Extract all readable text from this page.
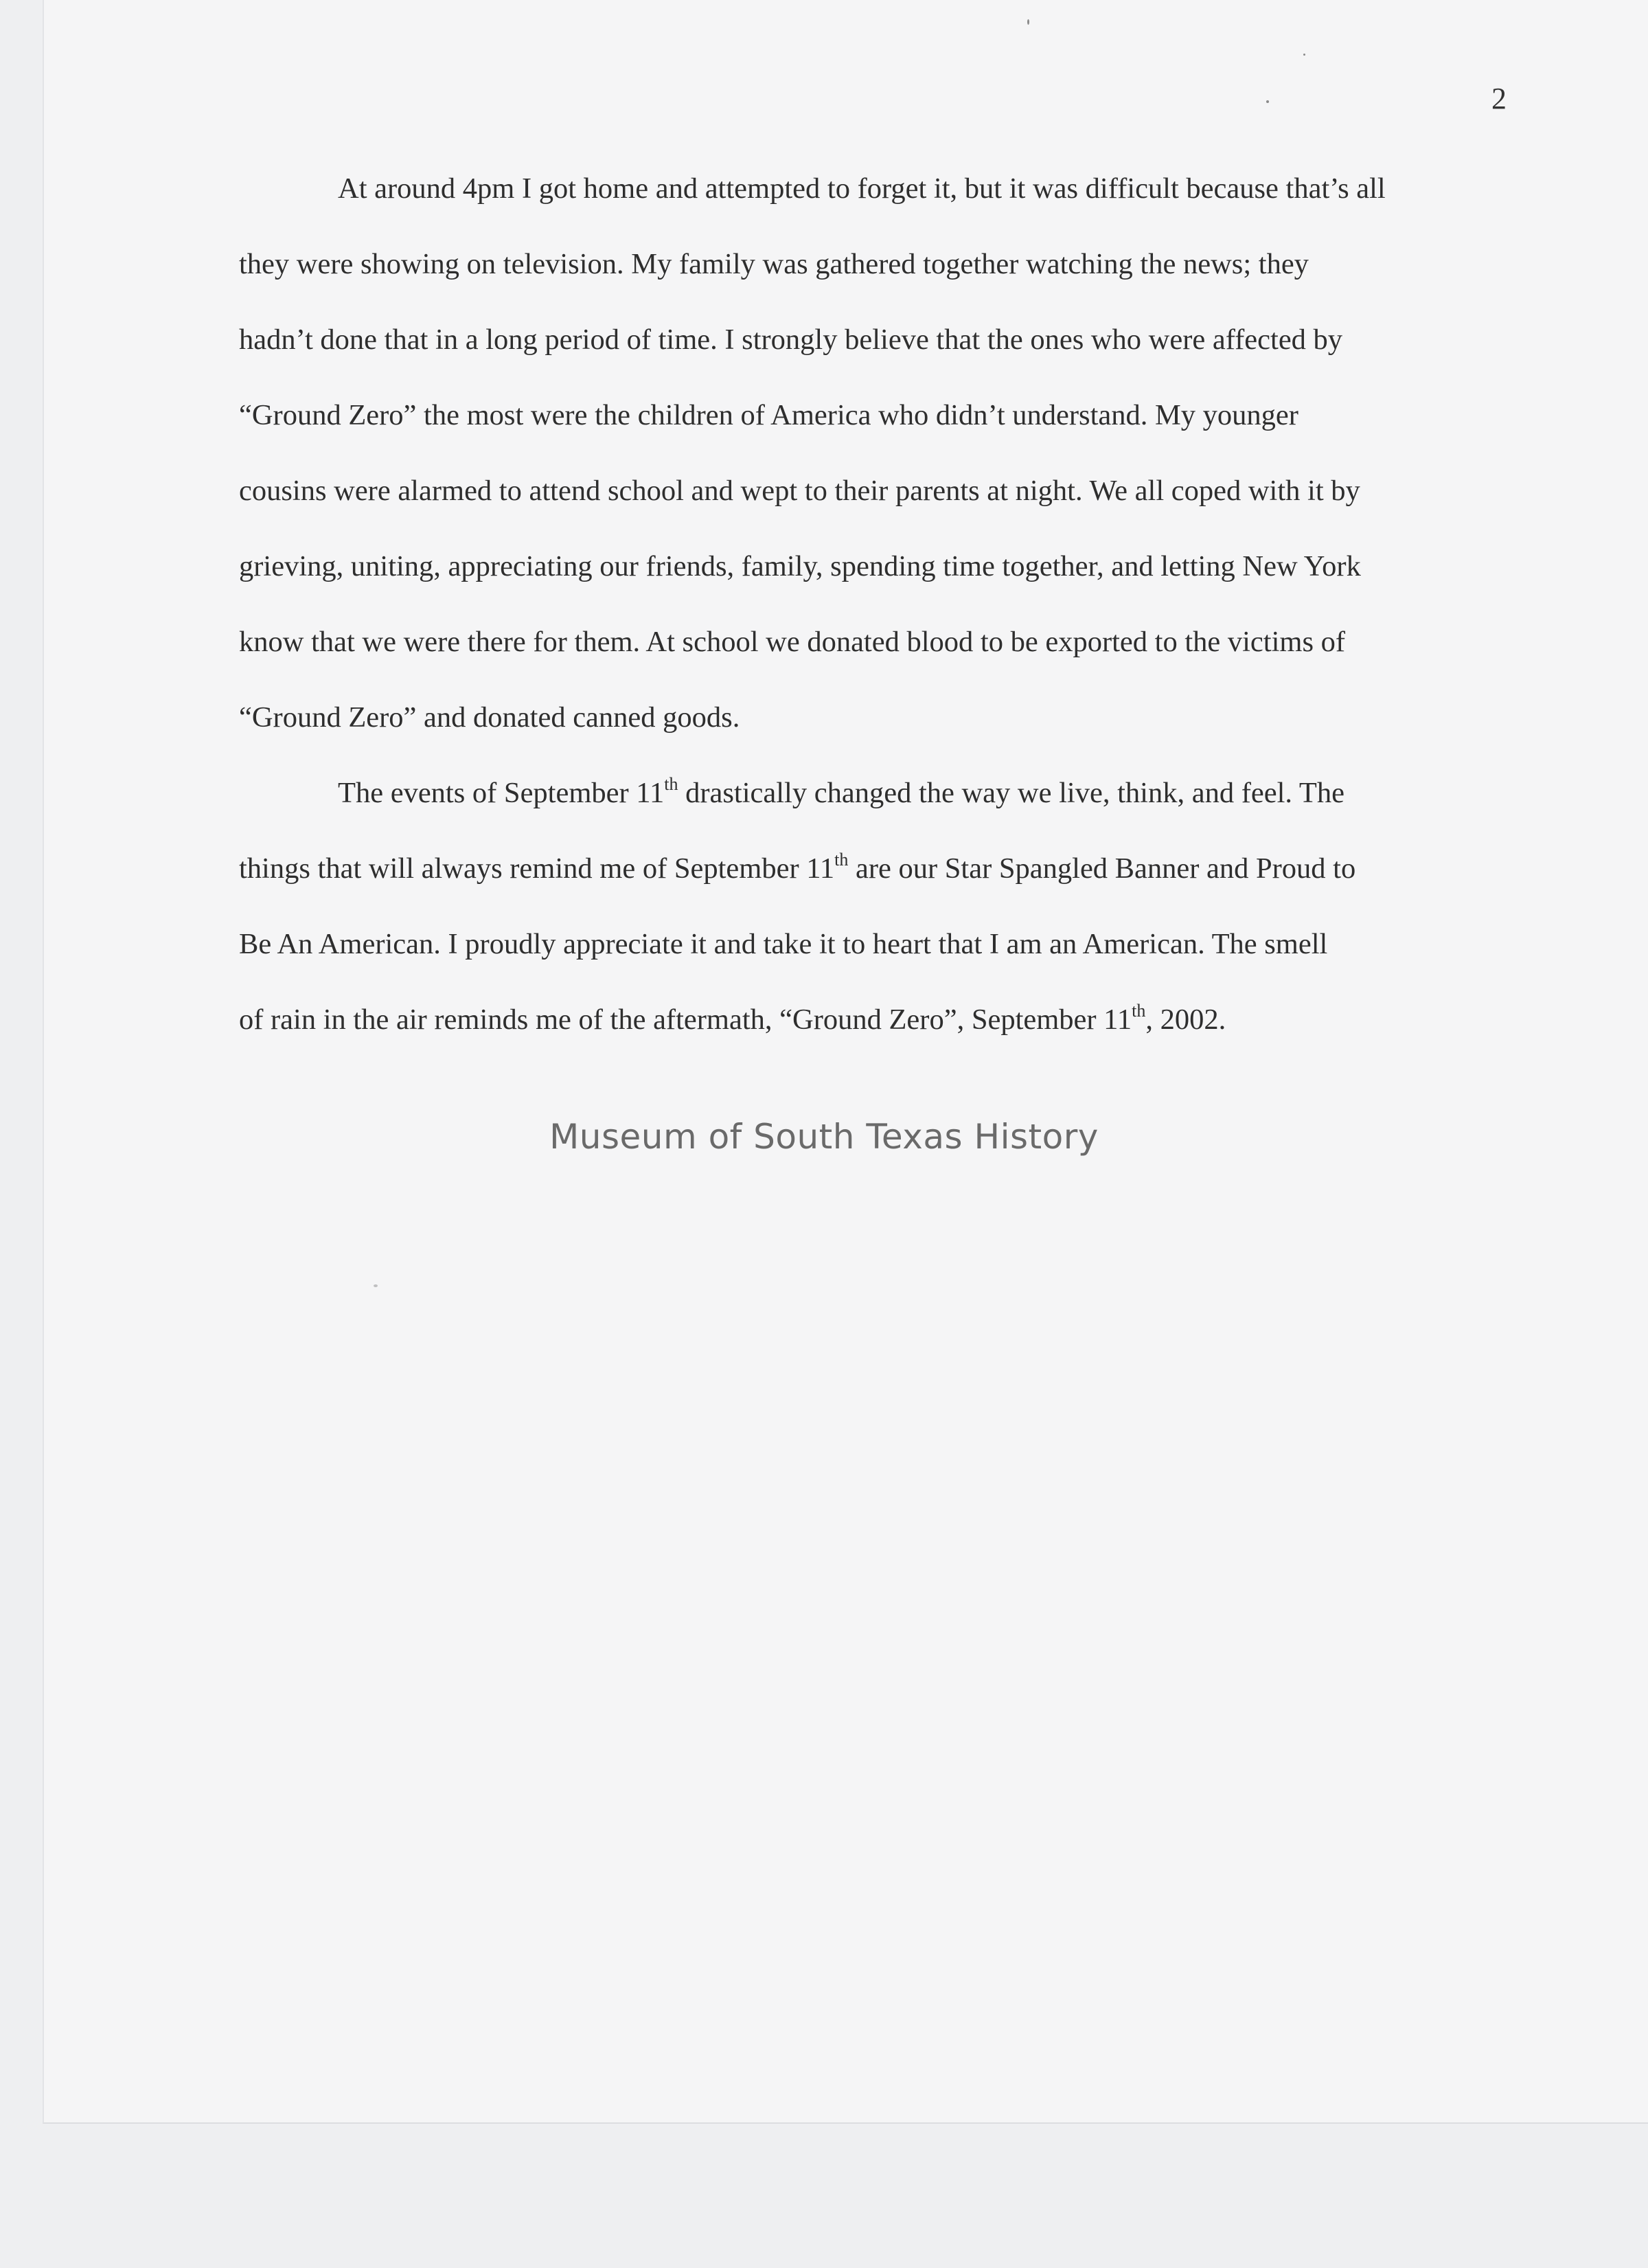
2
At around 4pm I got home and attempted to forget it, but it was difficult because that’s all
they were showing on television. My family was gathered together watching the news; they
hadn’t done that in a long period of time. I strongly believe that the ones who were affected by
“Ground Zero” the most were the children of America who didn’t understand. My younger
cousins were alarmed to attend school and wept to their parents at night. We all coped with it by
grieving, uniting, appreciating our friends, family, spending time together, and letting New York
know that we were there for them. At school we donated blood to be exported to the victims of
“Ground Zero” and donated canned goods.
The events of September 11th drastically changed the way we live, think, and feel. The
things that will always remind me of September 11th are our Star Spangled Banner and Proud to
Be An American. I proudly appreciate it and take it to heart that I am an American. The smell
of rain in the air reminds me of the aftermath, “Ground Zero”, September 11th, 2002.
Museum of South Texas History
